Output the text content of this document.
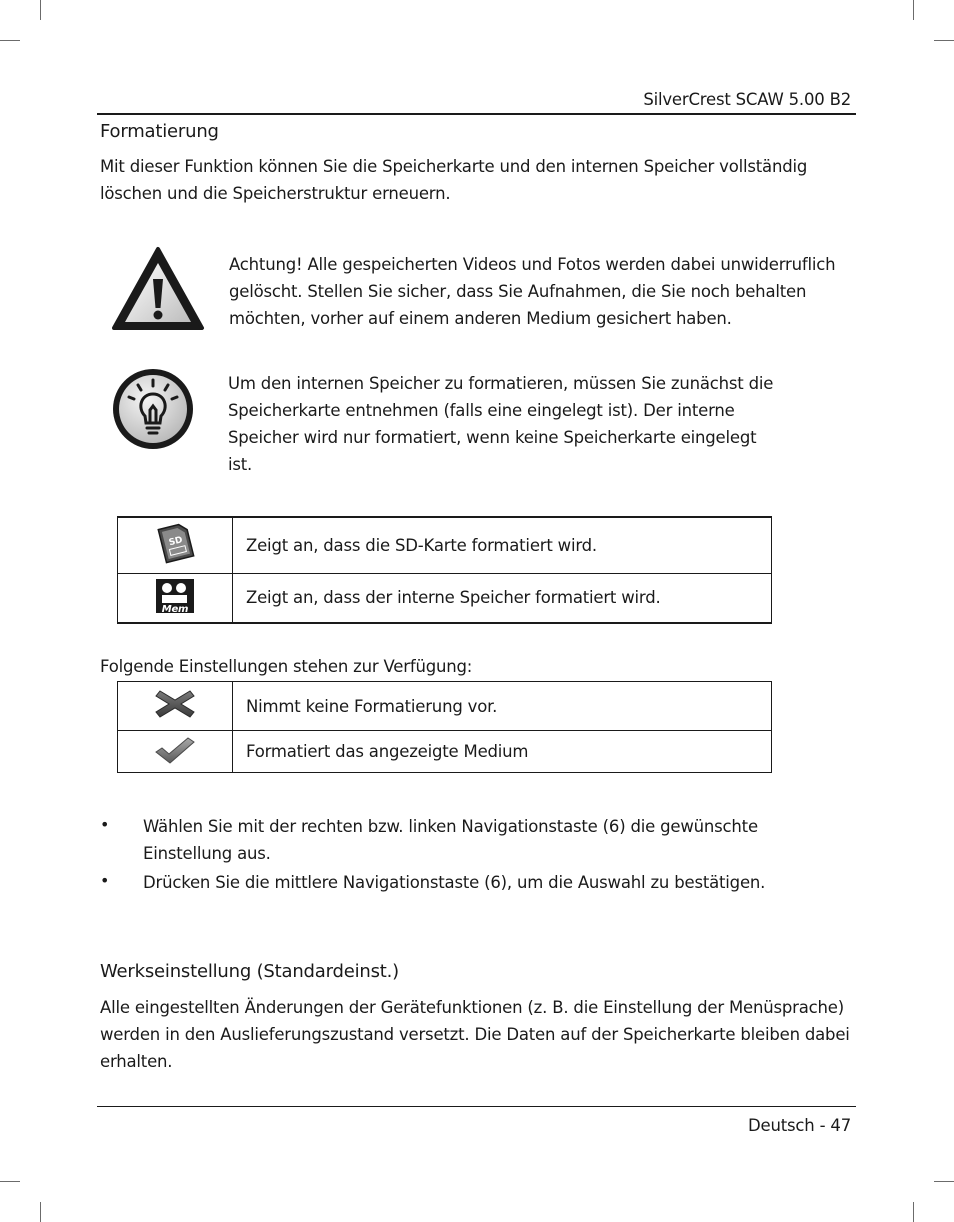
SilverCrest SCAW 5.00 B2
Formatierung
Mit dieser Funktion können Sie die Speicherkarte und den internen Speicher vollständig
löschen und die Speicherstruktur erneuern.
Achtung! Alle gespeicherten Videos und Fotos werden dabei unwiderruflich
gelöscht. Stellen Sie sicher, dass Sie Aufnahmen, die Sie noch behalten
möchten, vorher auf einem anderen Medium gesichert haben.
Um den internen Speicher zu formatieren, müssen Sie zunächst die
Speicherkarte entnehmen (falls eine eingelegt ist). Der interne
Speicher wird nur formatiert, wenn keine Speicherkarte eingelegt
ist.
SD	Zeigt an, dass die SD-Karte formatiert wird.

Mem	Zeigt an, dass der interne Speicher formatiert wird.
Folgende Einstellungen stehen zur Verfügung:
	Nimmt keine Formatierung vor.
	Formatiert das angezeigte Medium
• Wählen Sie mit der rechten bzw. linken Navigationstaste (6) die gewünschte
Einstellung aus.
• Drücken Sie die mittlere Navigationstaste (6), um die Auswahl zu bestätigen.
Werkseinstellung (Standardeinst.)
Alle eingestellten Änderungen der Gerätefunktionen (z. B. die Einstellung der Menüsprache)
werden in den Auslieferungszustand versetzt. Die Daten auf der Speicherkarte bleiben dabei
erhalten.
Deutsch - 47
